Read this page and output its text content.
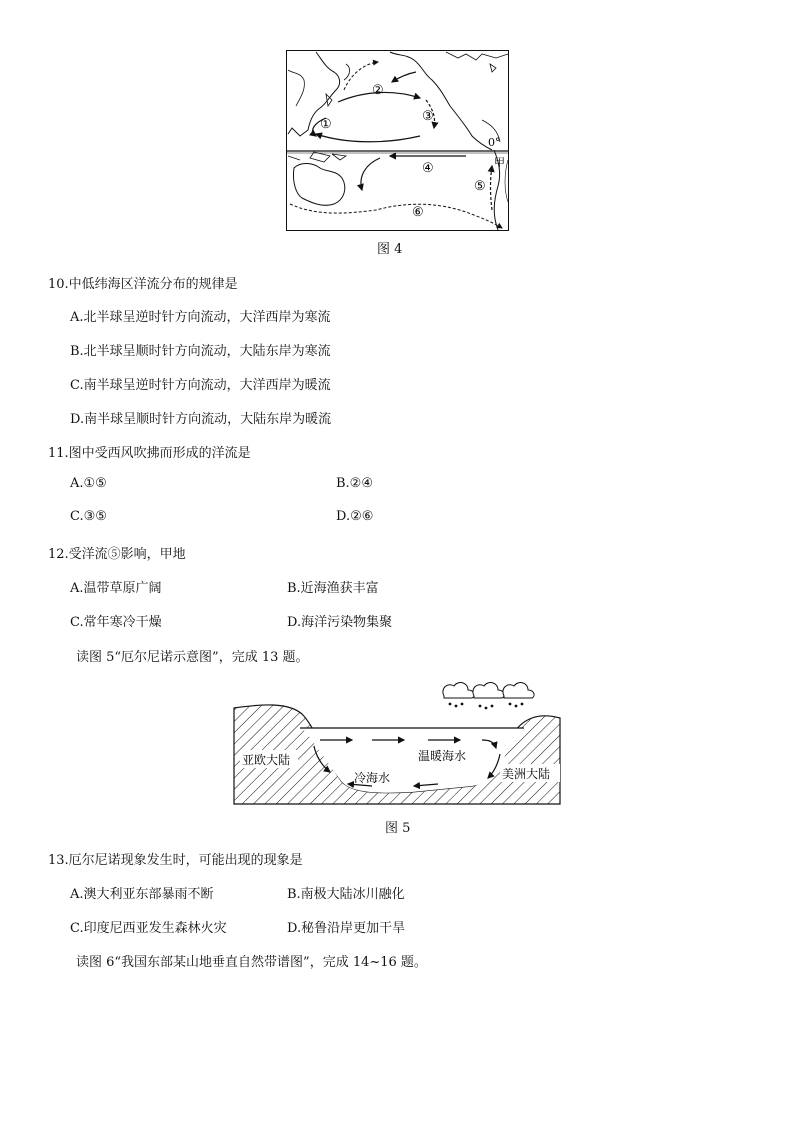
①
②
③
④
⑤
⑥
0°
甲
图 4
10.中低纬海区洋流分布的规律是
A.北半球呈逆时针方向流动，大洋西岸为寒流
B.北半球呈顺时针方向流动，大陆东岸为寒流
C.南半球呈逆时针方向流动，大洋西岸为暖流
D.南半球呈顺时针方向流动，大陆东岸为暖流
11.图中受西风吹拂而形成的洋流是
A.①⑤	B.②④
C.③⑤	D.②⑥
12.受洋流⑤影响，甲地
A.温带草原广阔	B.近海渔获丰富
C.常年寒冷干燥	D.海洋污染物集聚
读图 5“厄尔尼诺示意图”，完成 13 题。
亚欧大陆
美洲大陆
温暖海水
冷海水
图 5
13.厄尔尼诺现象发生时，可能出现的现象是
A.澳大利亚东部暴雨不断	B.南极大陆冰川融化
C.印度尼西亚发生森林火灾	D.秘鲁沿岸更加干旱
读图 6“我国东部某山地垂直自然带谱图”，完成 14~16 题。
